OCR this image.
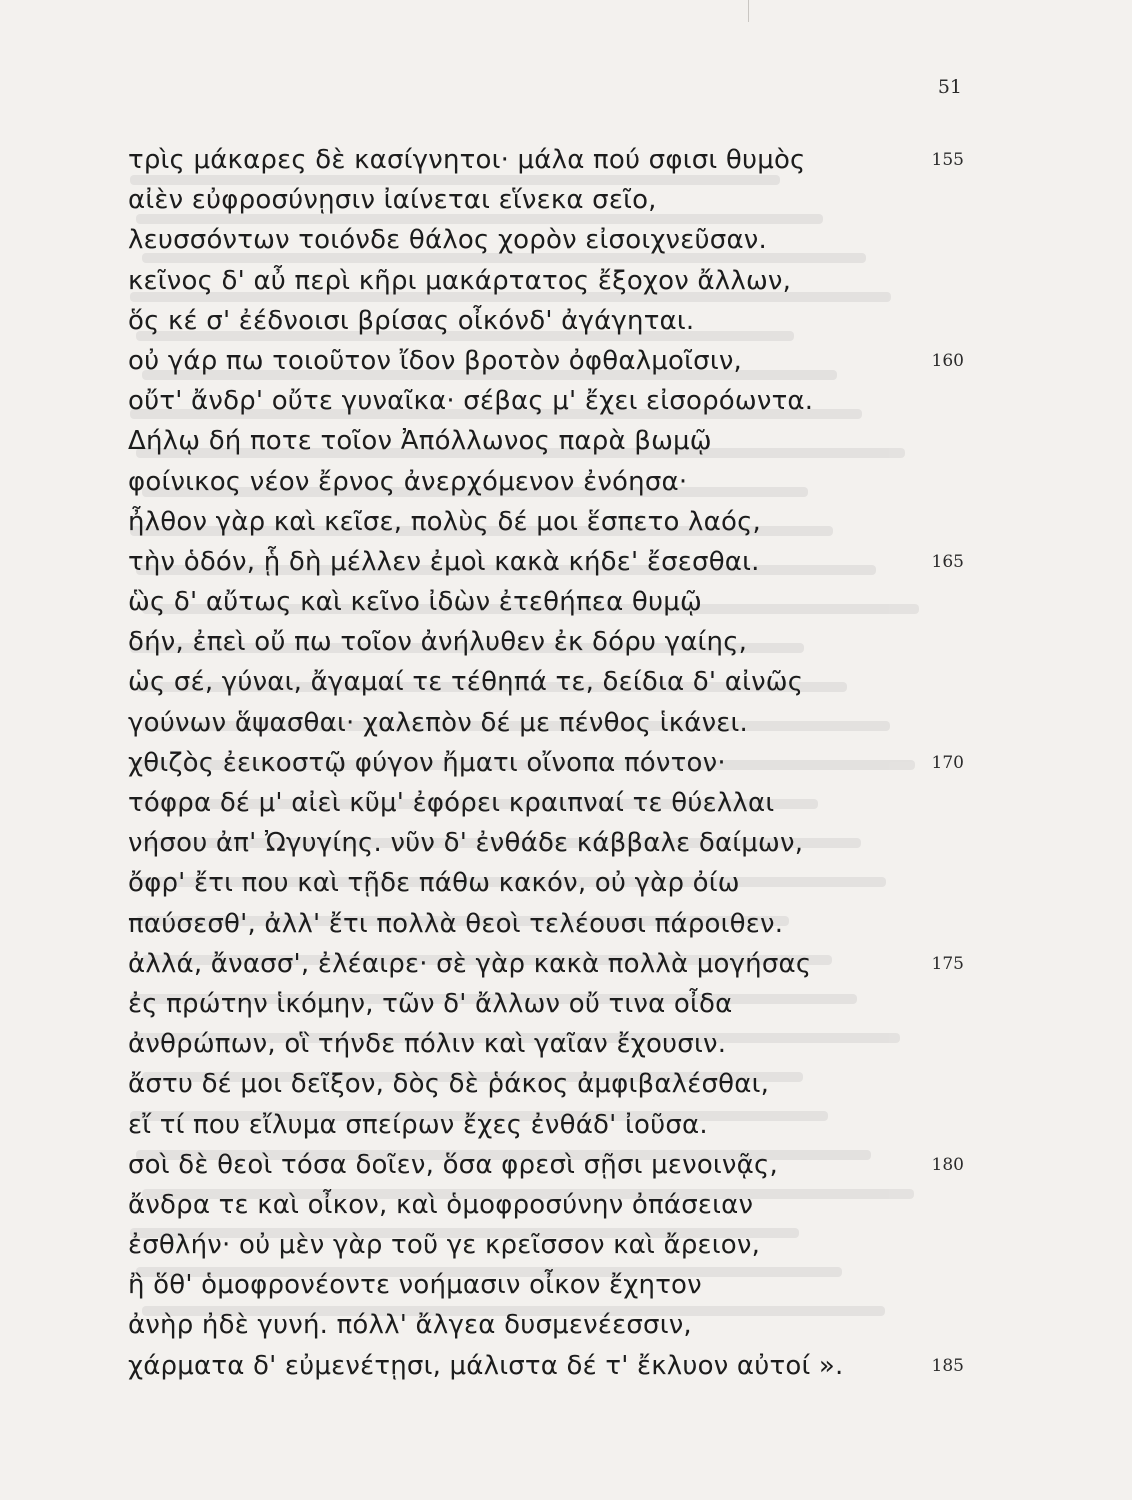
51
τρὶς μάκαρες δὲ κασίγνητοι· μάλα πού σφισι θυμὸς	155
αἰὲν εὐφροσύνῃσιν ἰαίνεται εἵνεκα σεῖο,
λευσσόντων τοιόνδε θάλος χορὸν εἰσοιχνεῦσαν.
κεῖνος δ' αὖ περὶ κῆρι μακάρτατος ἔξοχον ἄλλων,
ὅς κέ σ' ἐέδνοισι βρίσας οἶκόνδ' ἀγάγηται.
οὐ γάρ πω τοιοῦτον ἴδον βροτὸν ὀφθαλμοῖσιν,	160
οὔτ' ἄνδρ' οὔτε γυναῖκα· σέβας μ' ἔχει εἰσορόωντα.
Δήλῳ δή ποτε τοῖον Ἀπόλλωνος παρὰ βωμῷ
φοίνικος νέον ἔρνος ἀνερχόμενον ἐνόησα·
ἦλθον γὰρ καὶ κεῖσε, πολὺς δέ μοι ἕσπετο λαός,
τὴν ὁδόν, ᾗ δὴ μέλλεν ἐμοὶ κακὰ κήδε' ἔσεσθαι.	165
ὣς δ' αὔτως καὶ κεῖνο ἰδὼν ἐτεθήπεα θυμῷ
δήν, ἐπεὶ οὔ πω τοῖον ἀνήλυθεν ἐκ δόρυ γαίης,
ὡς σέ, γύναι, ἄγαμαί τε τέθηπά τε, δείδια δ' αἰνῶς
γούνων ἅψασθαι· χαλεπὸν δέ με πένθος ἱκάνει.
χθιζὸς ἐεικοστῷ φύγον ἤματι οἴνοπα πόντον·	170
τόφρα δέ μ' αἰεὶ κῦμ' ἐφόρει κραιπναί τε θύελλαι
νήσου ἀπ' Ὠγυγίης. νῦν δ' ἐνθάδε κάββαλε δαίμων,
ὄφρ' ἔτι που καὶ τῇδε πάθω κακόν, οὐ γὰρ ὀίω
παύσεσθ', ἀλλ' ἔτι πολλὰ θεοὶ τελέουσι πάροιθεν.
ἀλλά, ἄνασσ', ἐλέαιρε· σὲ γὰρ κακὰ πολλὰ μογήσας	175
ἐς πρώτην ἱκόμην, τῶν δ' ἄλλων οὔ τινα οἶδα
ἀνθρώπων, οἳ τήνδε πόλιν καὶ γαῖαν ἔχουσιν.
ἄστυ δέ μοι δεῖξον, δὸς δὲ ῥάκος ἀμφιβαλέσθαι,
εἴ τί που εἴλυμα σπείρων ἔχες ἐνθάδ' ἰοῦσα.
σοὶ δὲ θεοὶ τόσα δοῖεν, ὅσα φρεσὶ σῇσι μενοινᾷς,	180
ἄνδρα τε καὶ οἶκον, καὶ ὁμοφροσύνην ὀπάσειαν
ἐσθλήν· οὐ μὲν γὰρ τοῦ γε κρεῖσσον καὶ ἄρειον,
ἢ ὅθ' ὁμοφρονέοντε νοήμασιν οἶκον ἔχητον
ἀνὴρ ἠδὲ γυνή. πόλλ' ἄλγεα δυσμενέεσσιν,
χάρματα δ' εὐμενέτῃσι, μάλιστα δέ τ' ἔκλυον αὐτοί ».	185
